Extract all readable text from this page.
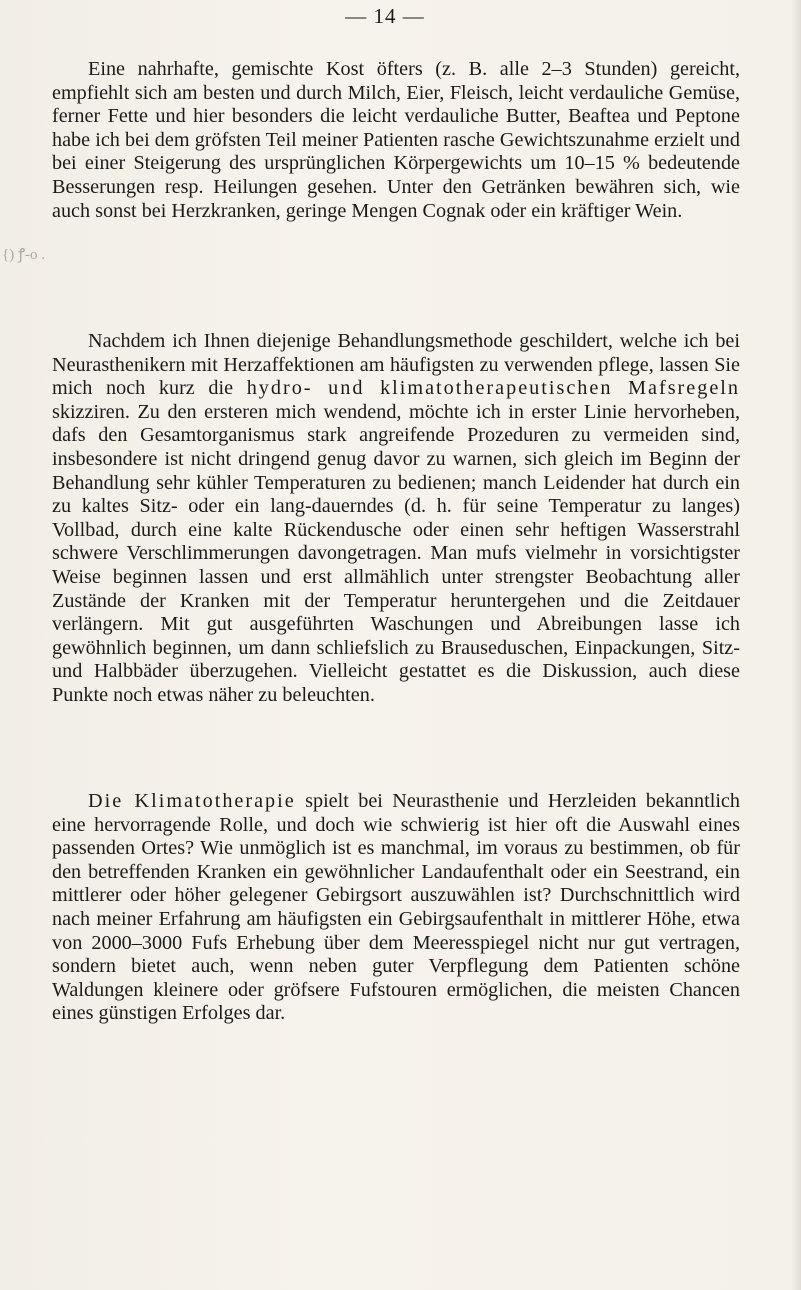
— 14 —
{) ꝭ‑o .

Eine nahrhafte, gemischte Kost öfters (z. B. alle 2–3 Stunden) gereicht, empfiehlt sich am besten und durch Milch, Eier, Fleisch, leicht verdauliche Gemüse, ferner Fette und hier besonders die leicht verdauliche Butter, Beaftea und Peptone habe ich bei dem gröfsten Teil meiner Patienten rasche Gewichtszunahme erzielt und bei einer Steigerung des ursprünglichen Körpergewichts um 10–15 % bedeutende Besserungen resp. Heilungen gesehen. Unter den Getränken bewähren sich, wie auch sonst bei Herzkranken, geringe Mengen Cognak oder ein kräftiger Wein.

Nachdem ich Ihnen diejenige Behandlungsmethode geschildert, welche ich bei Neurasthenikern mit Herzaffektionen am häufigsten zu verwenden pflege, lassen Sie mich noch kurz die hydro- und klimatotherapeutischen Mafsregeln skizziren. Zu den ersteren mich wendend, möchte ich in erster Linie hervorheben, dafs den Gesamtorganismus stark angreifende Prozeduren zu vermeiden sind, insbesondere ist nicht dringend genug davor zu warnen, sich gleich im Beginn der Behandlung sehr kühler Temperaturen zu bedienen; manch Leidender hat durch ein zu kaltes Sitz- oder ein lang-dauerndes (d. h. für seine Temperatur zu langes) Vollbad, durch eine kalte Rückendusche oder einen sehr heftigen Wasserstrahl schwere Verschlimmerungen davongetragen. Man mufs vielmehr in vorsichtigster Weise beginnen lassen und erst allmählich unter strengster Beobachtung aller Zustände der Kranken mit der Temperatur heruntergehen und die Zeitdauer verlängern. Mit gut ausgeführten Waschungen und Abreibungen lasse ich gewöhnlich beginnen, um dann schliefslich zu Brauseduschen, Einpackungen, Sitz- und Halbbäder überzugehen. Vielleicht gestattet es die Diskussion, auch diese Punkte noch etwas näher zu beleuchten.

Die Klimatotherapie spielt bei Neurasthenie und Herzleiden bekanntlich eine hervorragende Rolle, und doch wie schwierig ist hier oft die Auswahl eines passenden Ortes? Wie unmöglich ist es manchmal, im voraus zu bestimmen, ob für den betreffenden Kranken ein gewöhnlicher Landaufenthalt oder ein Seestrand, ein mittlerer oder höher gelegener Gebirgsort auszuwählen ist? Durchschnittlich wird nach meiner Erfahrung am häufigsten ein Gebirgsaufenthalt in mittlerer Höhe, etwa von 2000–3000 Fufs Erhebung über dem Meeresspiegel nicht nur gut vertragen, sondern bietet auch, wenn neben guter Verpflegung dem Patienten schöne Waldungen kleinere oder gröfsere Fufstouren ermöglichen, die meisten Chancen eines günstigen Erfolges dar.
